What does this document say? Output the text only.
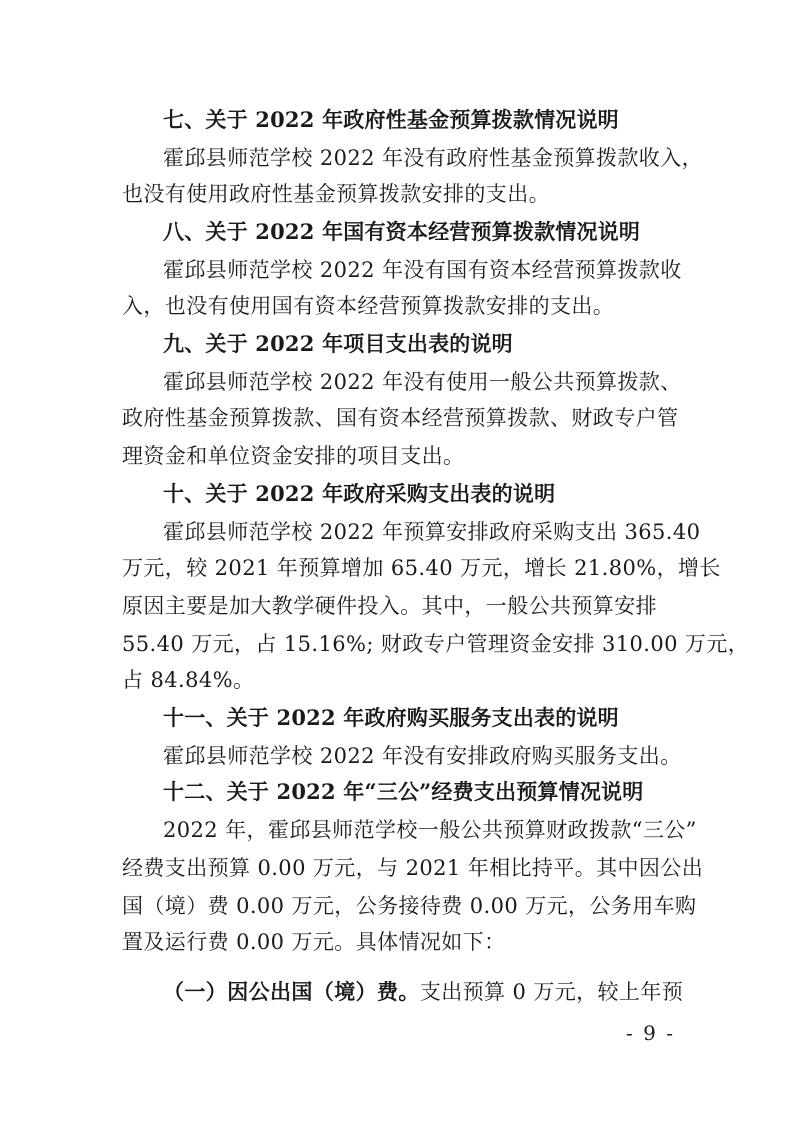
七、关于 2022 年政府性基金预算拨款情况说明
霍邱县师范学校 2022 年没有政府性基金预算拨款收入，
也没有使用政府性基金预算拨款安排的支出。
八、关于 2022 年国有资本经营预算拨款情况说明
霍邱县师范学校 2022 年没有国有资本经营预算拨款收
入，也没有使用国有资本经营预算拨款安排的支出。
九、关于 2022 年项目支出表的说明
霍邱县师范学校 2022 年没有使用一般公共预算拨款、
政府性基金预算拨款、国有资本经营预算拨款、财政专户管
理资金和单位资金安排的项目支出。
十、关于 2022 年政府采购支出表的说明
霍邱县师范学校 2022 年预算安排政府采购支出 365.40
万元，较 2021 年预算增加 65.40 万元，增长 21.80%，增长
原因主要是加大教学硬件投入。其中，一般公共预算安排
55.40 万元，占 15.16%; 财政专户管理资金安排 310.00 万元，
占 84.84%。
十一、关于 2022 年政府购买服务支出表的说明
霍邱县师范学校 2022 年没有安排政府购买服务支出。
十二、关于 2022 年“三公”经费支出预算情况说明
2022 年，霍邱县师范学校一般公共预算财政拨款“三公”
经费支出预算 0.00 万元，与 2021 年相比持平。其中因公出
国（境）费 0.00 万元，公务接待费 0.00 万元，公务用车购
置及运行费 0.00 万元。具体情况如下：
（一）因公出国（境）费。支出预算 0 万元，较上年预
- 9 -
